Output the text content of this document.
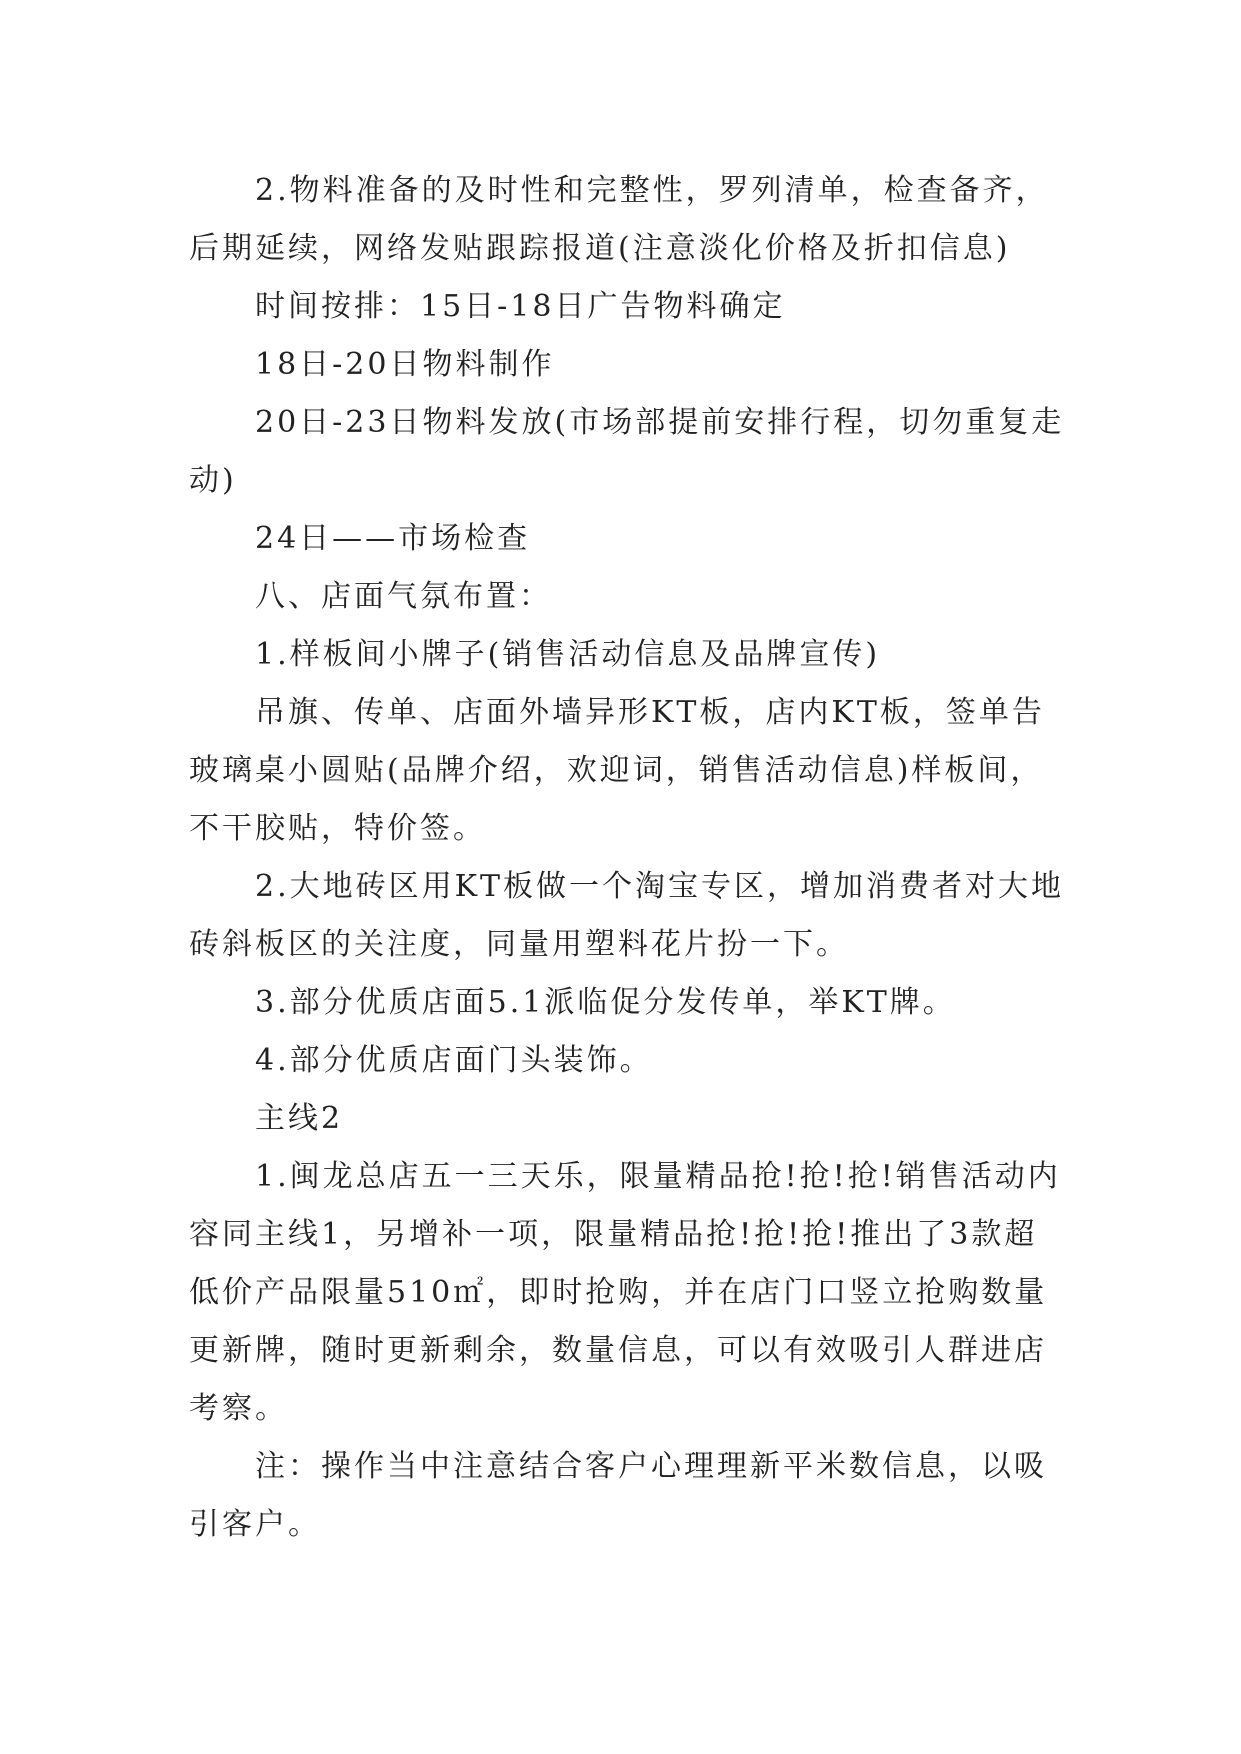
2.物料准备的及时性和完整性，罗列清单，检查备齐，后期延续，网络发贴跟踪报道(注意淡化价格及折扣信息)

时间按排：15日-18日广告物料确定

18日-20日物料制作

20日-23日物料发放(市场部提前安排行程，切勿重复走动)

24日——市场检查

八、店面气氛布置：

1.样板间小牌子(销售活动信息及品牌宣传)

吊旗、传单、店面外墙异形KT板，店内KT板，签单告玻璃桌小圆贴(品牌介绍，欢迎词，销售活动信息)样板间，不干胶贴，特价签。

2.大地砖区用KT板做一个淘宝专区，增加消费者对大地砖斜板区的关注度，同量用塑料花片扮一下。

3.部分优质店面5.1派临促分发传单，举KT牌。

4.部分优质店面门头装饰。

主线2

1.闽龙总店五一三天乐，限量精品抢!抢!抢!销售活动内容同主线1，另增补一项，限量精品抢!抢!抢!推出了3款超低价产品限量510㎡，即时抢购，并在店门口竖立抢购数量更新牌，随时更新剩余，数量信息，可以有效吸引人群进店考察。

注：操作当中注意结合客户心理理新平米数信息，以吸引客户。
